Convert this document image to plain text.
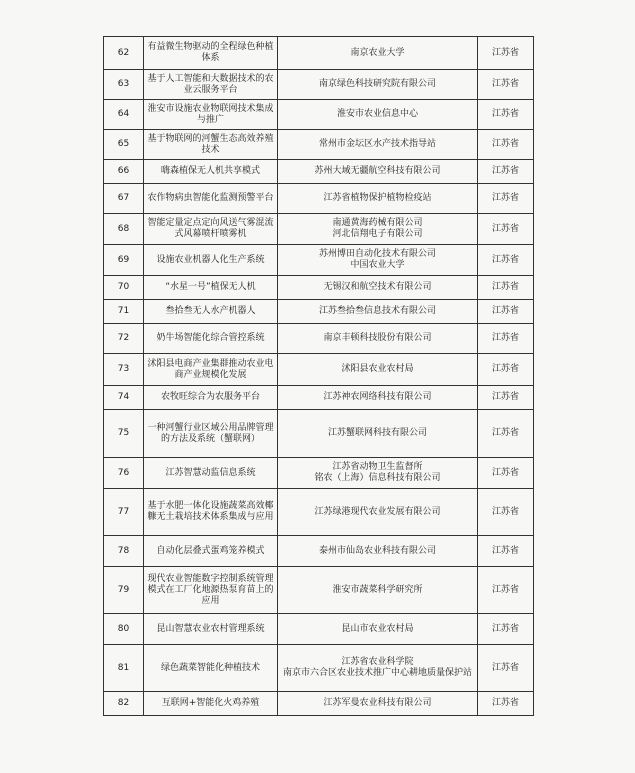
62	有益微生物驱动的全程绿色种植体系	南京农业大学	江苏省
63	基于人工智能和大数据技术的农业云服务平台	南京绿色科技研究院有限公司	江苏省
64	淮安市设施农业物联网技术集成与推广	淮安市农业信息中心	江苏省
65	基于物联网的河蟹生态高效养殖技术	常州市金坛区水产技术指导站	江苏省
66	嗨森植保无人机共享模式	苏州大域无疆航空科技有限公司	江苏省
67	农作物病虫智能化监测预警平台	江苏省植物保护植物检疫站	江苏省
68	智能定量定点定向风送气雾混流式风幕喷杆喷雾机	南通黄海药械有限公司
河北信翔电子有限公司	江苏省
69	设施农业机器人化生产系统	苏州博田自动化技术有限公司
中国农业大学	江苏省
70	“水星一号”植保无人机	无锡汉和航空技术有限公司	江苏省
71	叁拾叁无人水产机器人	江苏叁拾叁信息技术有限公司	江苏省
72	奶牛场智能化综合管控系统	南京丰顿科技股份有限公司	江苏省
73	沭阳县电商产业集群推动农业电商产业规模化发展	沭阳县农业农村局	江苏省
74	农牧旺综合为农服务平台	江苏神农网络科技有限公司	江苏省
75	一种河蟹行业区域公用品牌管理的方法及系统（蟹联网）	江苏蟹联网科技有限公司	江苏省
76	江苏智慧动监信息系统	江苏省动物卫生监督所
铭农（上海）信息科技有限公司	江苏省
77	基于水肥一体化设施蔬菜高效椰糠无土栽培技术体系集成与应用	江苏绿港现代农业发展有限公司	江苏省
78	自动化层叠式蛋鸡笼养模式	泰州市仙岛农业科技有限公司	江苏省
79	现代农业智能数字控制系统管理模式在工厂化地源热泵育苗上的应用	淮安市蔬菜科学研究所	江苏省
80	昆山智慧农业农村管理系统	昆山市农业农村局	江苏省
81	绿色蔬菜智能化种植技术	江苏省农业科学院
南京市六合区农业技术推广中心耕地质量保护站	江苏省
82	互联网+智能化火鸡养殖	江苏军曼农业科技有限公司	江苏省
